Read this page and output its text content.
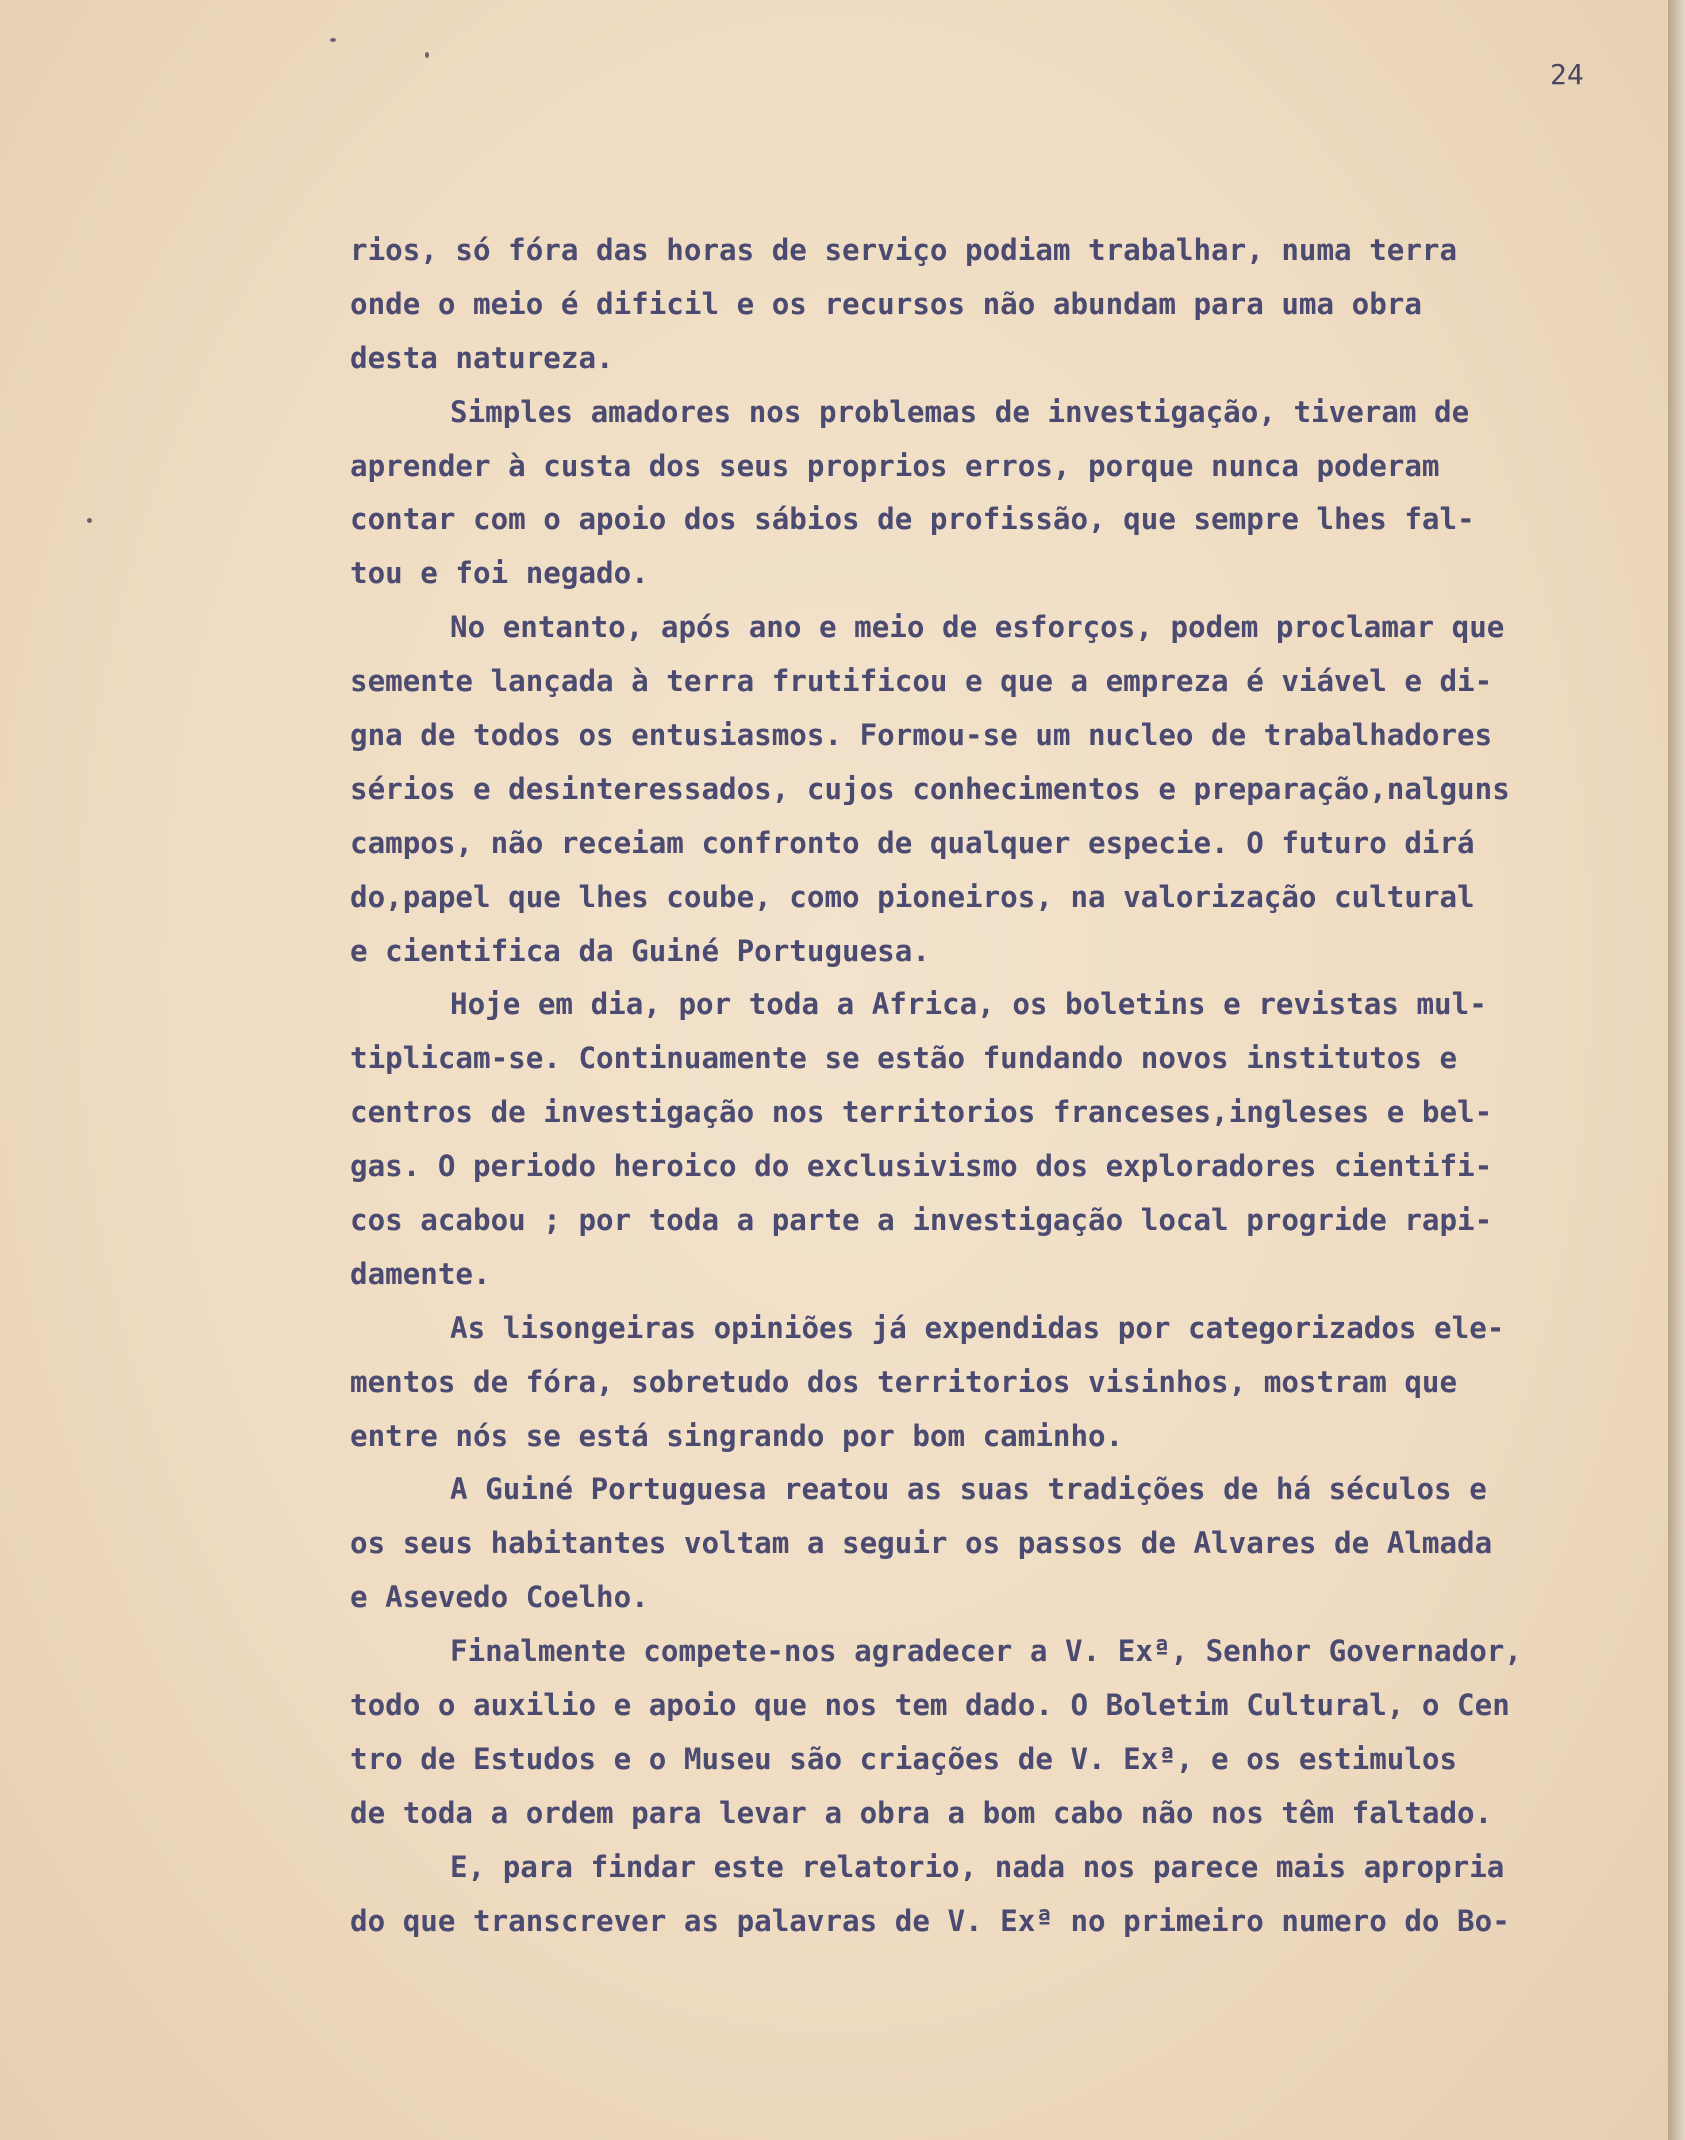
24
rios, só fóra das horas de serviço podiam trabalhar, numa terra
onde o meio é dificil e os recursos não abundam para uma obra
desta natureza.
Simples amadores nos problemas de investigação, tiveram de
aprender à custa dos seus proprios erros, porque nunca poderam
contar com o apoio dos sábios de profissão, que sempre lhes fal-
tou e foi negado.
No entanto, após ano e meio de esforços, podem proclamar que
semente lançada à terra frutificou e que a empreza é viável e di-
gna de todos os entusiasmos. Formou-se um nucleo de trabalhadores
sérios e desinteressados, cujos conhecimentos e preparação,nalguns
campos, não receiam confronto de qualquer especie. O futuro dirá
do,papel que lhes coube, como pioneiros, na valorização cultural
e cientifica da Guiné Portuguesa.
Hoje em dia, por toda a Africa, os boletins e revistas mul-
tiplicam-se. Continuamente se estão fundando novos institutos e
centros de investigação nos territorios franceses,ingleses e bel-
gas. O periodo heroico do exclusivismo dos exploradores cientifi-
cos acabou ; por toda a parte a investigação local progride rapi-
damente.
As lisongeiras opiniões já expendidas por categorizados ele-
mentos de fóra, sobretudo dos territorios visinhos, mostram que
entre nós se está singrando por bom caminho.
A Guiné Portuguesa reatou as suas tradições de há séculos e
os seus habitantes voltam a seguir os passos de Alvares de Almada
e Asevedo Coelho.
Finalmente compete-nos agradecer a V. Exª, Senhor Governador,
todo o auxilio e apoio que nos tem dado. O Boletim Cultural, o Cen
tro de Estudos e o Museu são criações de V. Exª, e os estimulos
de toda a ordem para levar a obra a bom cabo não nos têm faltado.
E, para findar este relatorio, nada nos parece mais apropria
do que transcrever as palavras de V. Exª no primeiro numero do Bo-
